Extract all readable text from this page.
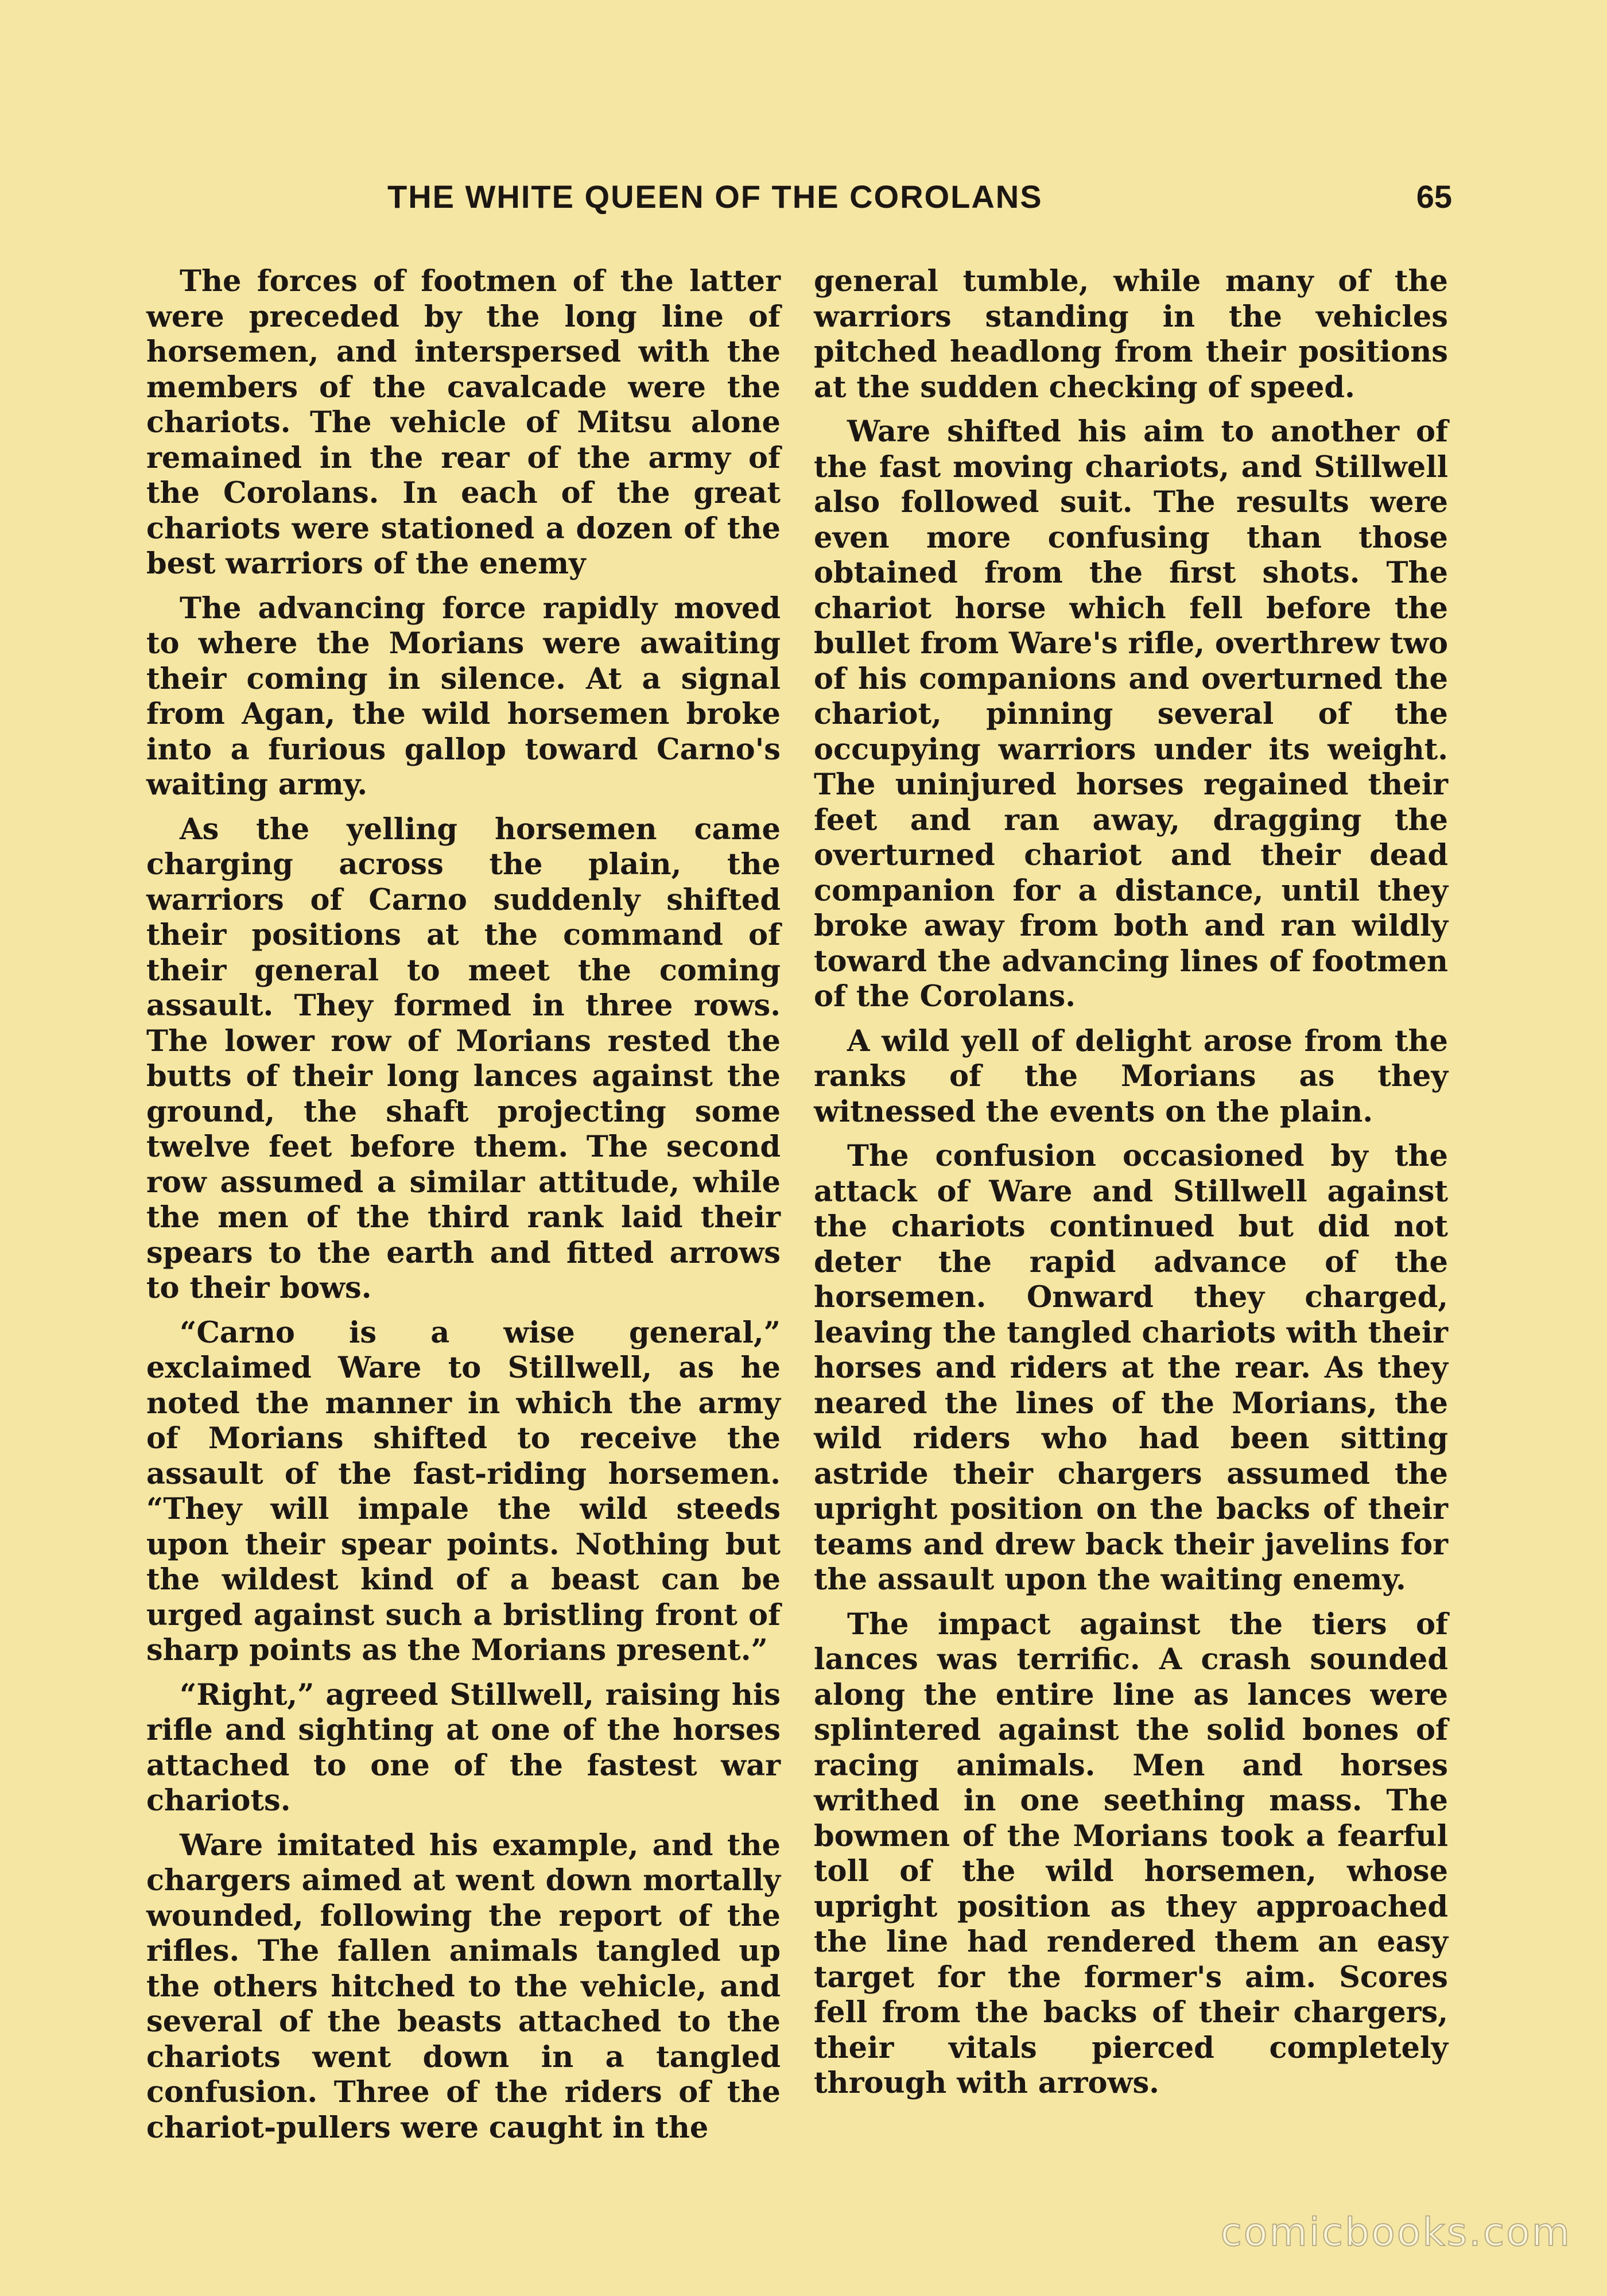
THE WHITE QUEEN OF THE COROLANS	65

The forces of footmen of the latter were preceded by the long line of horsemen, and interspersed with the members of the cavalcade were the chariots. The vehicle of Mitsu alone remained in the rear of the army of the Corolans. In each of the great chariots were stationed a dozen of the best warriors of the enemy

The advancing force rapidly moved to where the Morians were awaiting their coming in silence. At a signal from Agan, the wild horsemen broke into a furious gallop toward Carno's waiting army.

As the yelling horsemen came charging across the plain, the warriors of Carno suddenly shifted their positions at the command of their general to meet the coming assault. They formed in three rows. The lower row of Morians rested the butts of their long lances against the ground, the shaft projecting some twelve feet before them. The second row assumed a similar attitude, while the men of the third rank laid their spears to the earth and fitted arrows to their bows.

“Carno is a wise general,” exclaimed Ware to Stillwell, as he noted the manner in which the army of Morians shifted to receive the assault of the fast-riding horsemen. “They will impale the wild steeds upon their spear points. Nothing but the wildest kind of a beast can be urged against such a bristling front of sharp points as the Morians present.”

“Right,” agreed Stillwell, raising his rifle and sighting at one of the horses attached to one of the fastest war chariots.

Ware imitated his example, and the chargers aimed at went down mortally wounded, following the report of the rifles. The fallen animals tangled up the others hitched to the vehicle, and several of the beasts attached to the chariots went down in a tangled confusion. Three of the riders of the chariot-pullers were caught in the

general tumble, while many of the warriors standing in the vehicles pitched headlong from their positions at the sudden checking of speed.

Ware shifted his aim to another of the fast moving chariots, and Stillwell also followed suit. The results were even more confusing than those obtained from the first shots. The chariot horse which fell before the bullet from Ware's rifle, overthrew two of his companions and overturned the chariot, pinning several of the occupying warriors under its weight. The uninjured horses regained their feet and ran away, dragging the overturned chariot and their dead companion for a distance, until they broke away from both and ran wildly toward the advancing lines of footmen of the Corolans.

A wild yell of delight arose from the ranks of the Morians as they witnessed the events on the plain.

The confusion occasioned by the attack of Ware and Stillwell against the chariots continued but did not deter the rapid advance of the horsemen. Onward they charged, leaving the tangled chariots with their horses and riders at the rear. As they neared the lines of the Morians, the wild riders who had been sitting astride their chargers assumed the upright position on the backs of their teams and drew back their javelins for the assault upon the waiting enemy.

The impact against the tiers of lances was terrific. A crash sounded along the entire line as lances were splintered against the solid bones of racing animals. Men and horses writhed in one seething mass. The bowmen of the Morians took a fearful toll of the wild horsemen, whose upright position as they approached the line had rendered them an easy target for the former's aim. Scores fell from the backs of their chargers, their vitals pierced completely through with arrows.

comicbooks.com
